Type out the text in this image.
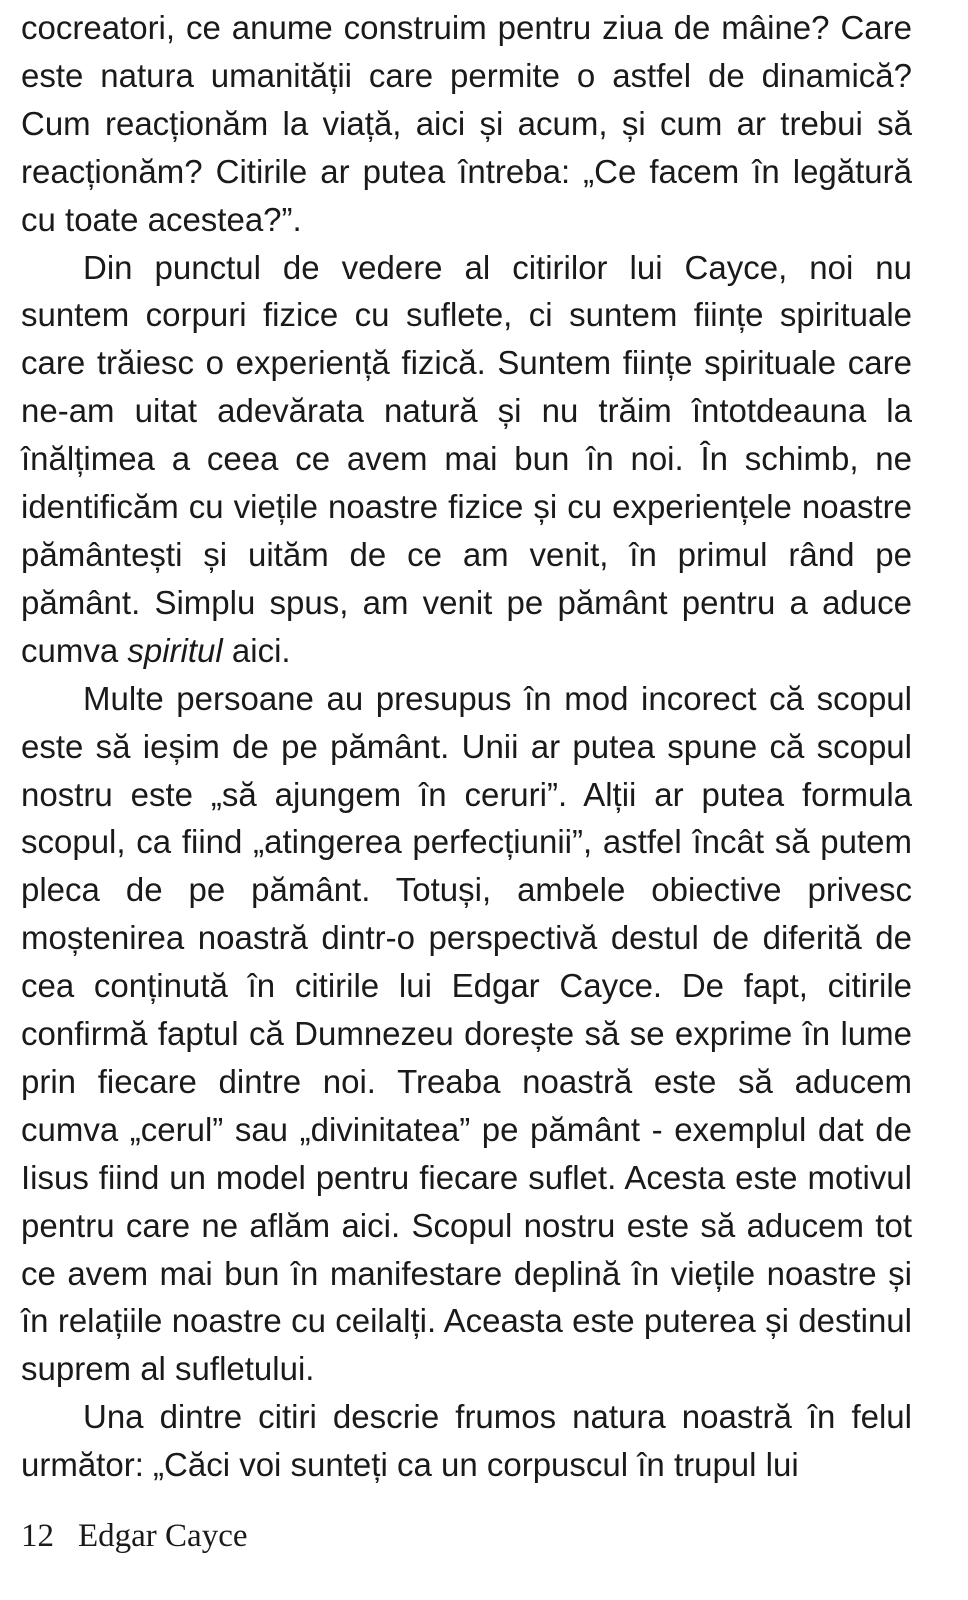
cocreatori, ce anume construim pentru ziua de mâine? Care este natura umanității care permite o astfel de dinamică? Cum reacționăm la viață, aici și acum, și cum ar trebui să reacționăm? Citirile ar putea întreba: „Ce facem în legătură cu toate acestea?”.

Din punctul de vedere al citirilor lui Cayce, noi nu suntem corpuri fizice cu suflete, ci suntem ființe spirituale care trăiesc o experiență fizică. Suntem ființe spirituale care ne-am uitat adevărata natură și nu trăim întotdeauna la înălțimea a ceea ce avem mai bun în noi. În schimb, ne identificăm cu viețile noastre fizice și cu experiențele noastre pământești și uităm de ce am venit, în primul rând pe pământ. Simplu spus, am venit pe pământ pentru a aduce cumva spiritul aici.

Multe persoane au presupus în mod incorect că scopul este să ieșim de pe pământ. Unii ar putea spune că scopul nostru este „să ajungem în ceruri”. Alții ar putea formula scopul, ca fiind „atingerea perfecțiunii”, astfel încât să putem pleca de pe pământ. Totuși, ambele obiective privesc moștenirea noastră dintr-o perspectivă destul de diferită de cea conținută în citirile lui Edgar Cayce. De fapt, citirile confirmă faptul că Dumnezeu dorește să se exprime în lume prin fiecare dintre noi. Treaba noastră este să aducem cumva „cerul” sau „divinitatea” pe pământ - exemplul dat de Iisus fiind un model pentru fiecare suflet. Acesta este motivul pentru care ne aflăm aici. Scopul nostru este să aducem tot ce avem mai bun în manifestare deplină în viețile noastre și în relațiile noastre cu ceilalți. Aceasta este puterea și destinul suprem al sufletului.

Una dintre citiri descrie frumos natura noastră în felul următor: „Căci voi sunteți ca un corpuscul în trupul lui

12 Edgar Cayce
